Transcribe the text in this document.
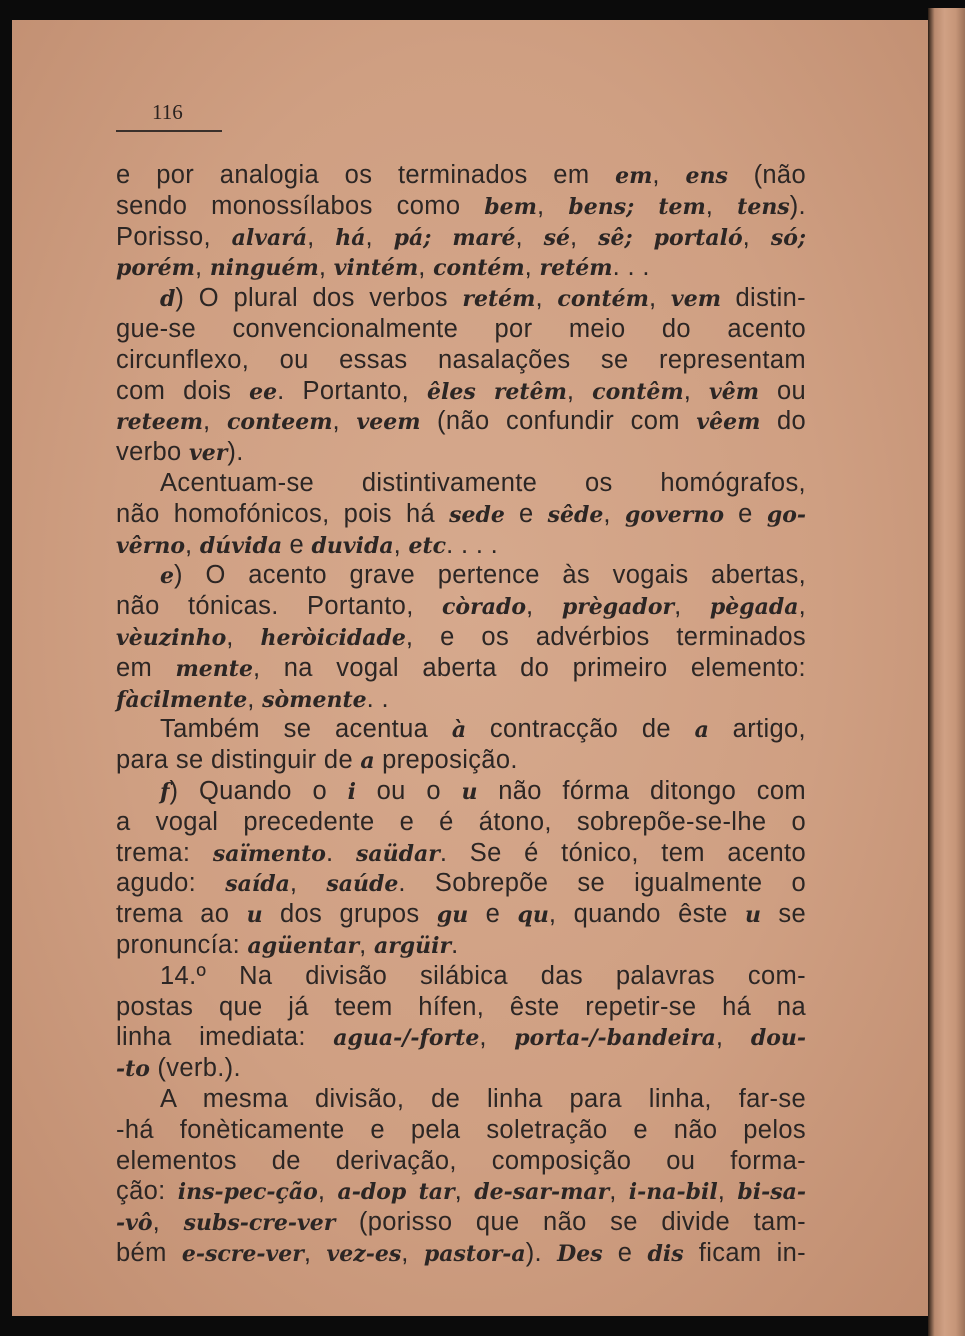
116
e por analogia os terminados em em, ens (não
sendo monossílabos como bem, bens; tem, tens).
Porisso, alvará, há, pá; maré, sé, sê; portaló, só;
porém, ninguém, vintém, contém, retém. . .
d) O plural dos verbos retém, contém, vem distin-
gue-se convencionalmente por meio do acento
circunflexo, ou essas nasalações se representam
com dois ee. Portanto, êles retêm, contêm, vêm ou
reteem, conteem, veem (não confundir com vêem do
verbo ver).
Acentuam-se distintivamente os homógrafos,
não homofónicos, pois há sede e sêde, governo e go-
vêrno, dúvida e duvida, etc. . . .
e) O acento grave pertence às vogais abertas,
não tónicas. Portanto, còrado, prègador, pègada,
vèuzinho, heròicidade, e os advérbios terminados
em mente, na vogal aberta do primeiro elemento:
fàcilmente, sòmente. .
Também se acentua à contracção de a artigo,
para se distinguir de a preposição.
f) Quando o i ou o u não fórma ditongo com
a vogal precedente e é átono, sobrepõe-se-lhe o
trema: saïmento. saüdar. Se é tónico, tem acento
agudo: saída, saúde. Sobrepõe se igualmente o
trema ao u dos grupos gu e qu, quando êste u se
pronuncía: agüentar, argüir.
14.º Na divisão silábica das palavras com-
postas que já teem hífen, êste repetir-se há na
linha imediata: agua-/-forte, porta-/-bandeira, dou-
-to (verb.).
A mesma divisão, de linha para linha, far-se
-há fonèticamente e pela soletração e não pelos
elementos de derivação, composição ou forma-
ção: ins-pec-ção, a-dop tar, de-sar-mar, i-na-bil, bi-sa-
-vô, subs-cre-ver (porisso que não se divide tam-
bém e-scre-ver, vez-es, pastor-a). Des e dis ficam in-
